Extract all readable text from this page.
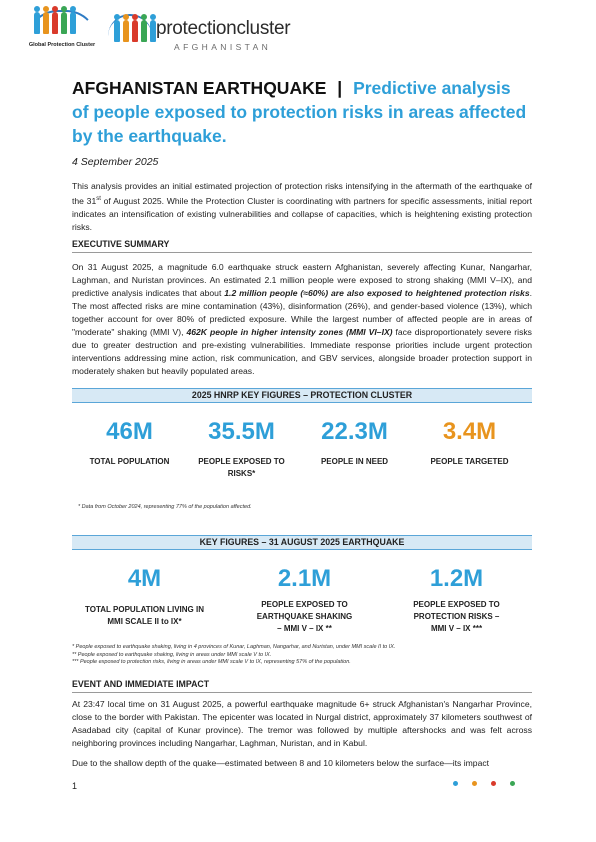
Global Protection Cluster
protectioncluster
AFGHANISTAN
AFGHANISTAN EARTHQUAKE | Predictive analysis of people exposed to protection risks in areas affected by the earthquake.
4 September 2025
This analysis provides an initial estimated projection of protection risks intensifying in the aftermath of the earthquake of the 31st of August 2025. While the Protection Cluster is coordinating with partners for specific assessments, initial report indicates an intensification of existing vulnerabilities and collapse of capacities, which is heightening existing protection risks.
EXECUTIVE SUMMARY
On 31 August 2025, a magnitude 6.0 earthquake struck eastern Afghanistan, severely affecting Kunar, Nangarhar, Laghman, and Nuristan provinces. An estimated 2.1 million people were exposed to strong shaking (MMI V–IX), and predictive analysis indicates that about 1.2 million people (≈60%) are also exposed to heightened protection risks. The most affected risks are mine contamination (43%), disinformation (26%), and gender-based violence (13%), which together account for over 80% of predicted exposure. While the largest number of affected people are in areas of "moderate" shaking (MMI V), 462K people in higher intensity zones (MMI VI–IX) face disproportionately severe risks due to greater destruction and pre-existing vulnerabilities. Immediate response priorities include urgent protection interventions addressing mine action, risk communication, and GBV services, alongside broader protection support in moderately shaken but heavily populated areas.
2025 HNRP KEY FIGURES – PROTECTION CLUSTER
46M
TOTAL POPULATION
35.5M
PEOPLE EXPOSED TO RISKS*
22.3M
PEOPLE IN NEED
3.4M
PEOPLE TARGETED
* Data from October 2024, representing 77% of the population affected.
KEY FIGURES – 31 AUGUST 2025 EARTHQUAKE
4M
TOTAL POPULATION LIVING IN
MMI SCALE II to IX*
2.1M
PEOPLE EXPOSED TO
EARTHQUAKE SHAKING
– MMI V – IX **
1.2M
PEOPLE EXPOSED TO
PROTECTION RISKS –
MMI V – IX ***
* People exposed to earthquake shaking, living in 4 provinces of Kunar, Laghman, Nangarhar, and Nuristan, under MMI scale II to IX.
** People exposed to earthquake shaking, living in areas under MMI scale V to IX.
*** People exposed to protection risks, living in areas under MMI scale V to IX, representing 57% of the population.
EVENT AND IMMEDIATE IMPACT
At 23:47 local time on 31 August 2025, a powerful earthquake magnitude 6+ struck Afghanistan's Nangarhar Province, close to the border with Pakistan. The epicenter was located in Nurgal district, approximately 37 kilometers southwest of Asadabad city (capital of Kunar province). The tremor was followed by multiple aftershocks and was felt across neighboring provinces including Nangarhar, Laghman, Nuristan, and in Kabul.
Due to the shallow depth of the quake—estimated between 8 and 10 kilometers below the surface—its impact
1
